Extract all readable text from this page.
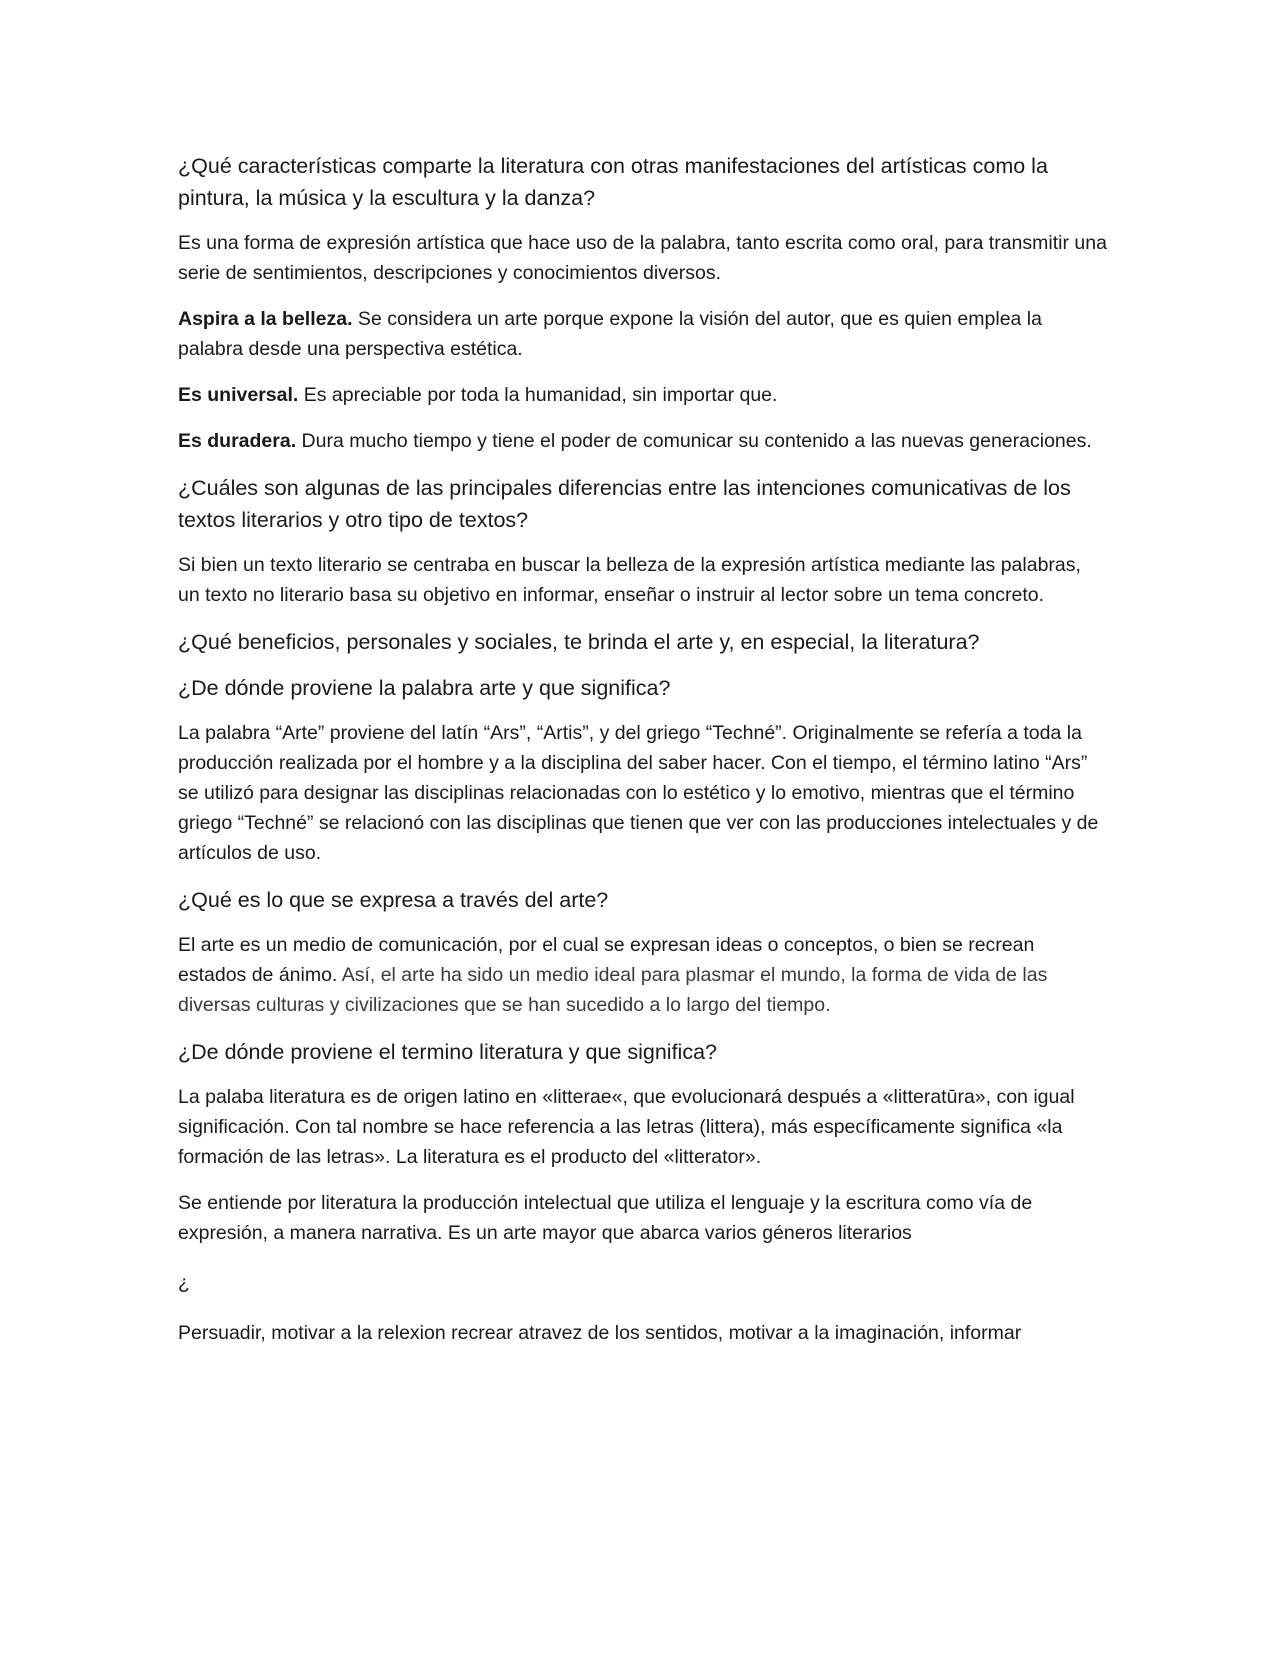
¿Qué características comparte la literatura con otras manifestaciones del artísticas como la pintura, la música y la escultura y la danza?
Es una forma de expresión artística que hace uso de la palabra, tanto escrita como oral, para transmitir una serie de sentimientos, descripciones y conocimientos diversos.
Aspira a la belleza. Se considera un arte porque expone la visión del autor, que es quien emplea la palabra desde una perspectiva estética.
Es universal. Es apreciable por toda la humanidad, sin importar que.
Es duradera. Dura mucho tiempo y tiene el poder de comunicar su contenido a las nuevas generaciones.
¿Cuáles son algunas de las principales diferencias entre las intenciones comunicativas de los textos literarios y otro tipo de textos?
Si bien un texto literario se centraba en buscar la belleza de la expresión artística mediante las palabras, un texto no literario basa su objetivo en informar, enseñar o instruir al lector sobre un tema concreto.
¿Qué beneficios, personales y sociales, te brinda el arte y, en especial, la literatura?
¿De dónde proviene la palabra arte y que significa?
La palabra “Arte” proviene del latín “Ars”, “Artis”, y del griego “Techné”. Originalmente se refería a toda la producción realizada por el hombre y a la disciplina del saber hacer. Con el tiempo, el término latino “Ars” se utilizó para designar las disciplinas relacionadas con lo estético y lo emotivo, mientras que el término griego “Techné” se relacionó con las disciplinas que tienen que ver con las producciones intelectuales y de artículos de uso.
¿Qué es lo que se expresa a través del arte?
El arte es un medio de comunicación, por el cual se expresan ideas o conceptos, o bien se recrean estados de ánimo. Así, el arte ha sido un medio ideal para plasmar el mundo, la forma de vida de las diversas culturas y civilizaciones que se han sucedido a lo largo del tiempo.
¿De dónde proviene el termino literatura y que significa?
La palaba literatura es de origen latino en «litterae«, que evolucionará después a «litteratūra», con igual significación. Con tal nombre se hace referencia a las letras (littera), más específicamente significa «la formación de las letras». La literatura es el producto del «litterator».
Se entiende por literatura la producción intelectual que utiliza el lenguaje y la escritura como vía de expresión, a manera narrativa. Es un arte mayor que abarca varios géneros literarios
¿
Persuadir, motivar a la relexion recrear atravez de los sentidos, motivar a la imaginación, informar
